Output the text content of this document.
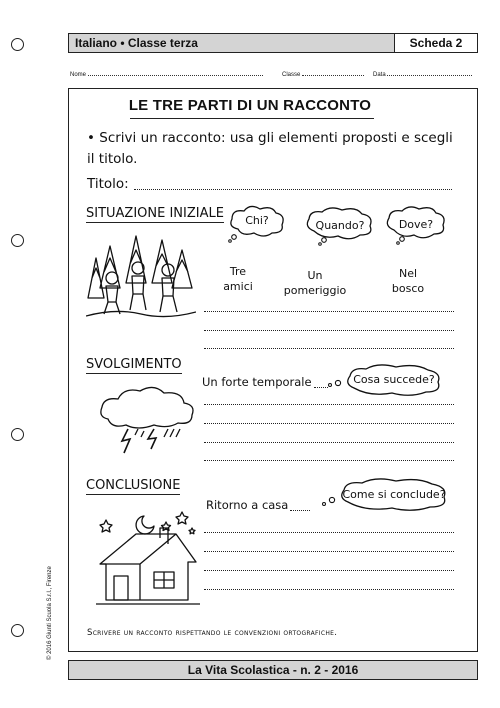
Italiano • Classe terza	Scheda 2
Nome	Classe	Data
LE TRE PARTI DI UN RACCONTO
• Scrivi un racconto: usa gli elementi proposti e scegli il titolo.
Titolo:
SITUAZIONE INIZIALE	Chi?	Quando?	Dove?
Tre
amici
Un
pomeriggio
Nel
bosco
SVOLGIMENTO
Un forte temporale	Cosa succede?
CONCLUSIONE
Ritorno a casa
Come si conclude?
Scrivere un racconto rispettando le convenzioni ortografiche.
La Vita Scolastica - n. 2 - 2016
© 2016 Giunti Scuola S.r.l., Firenze
